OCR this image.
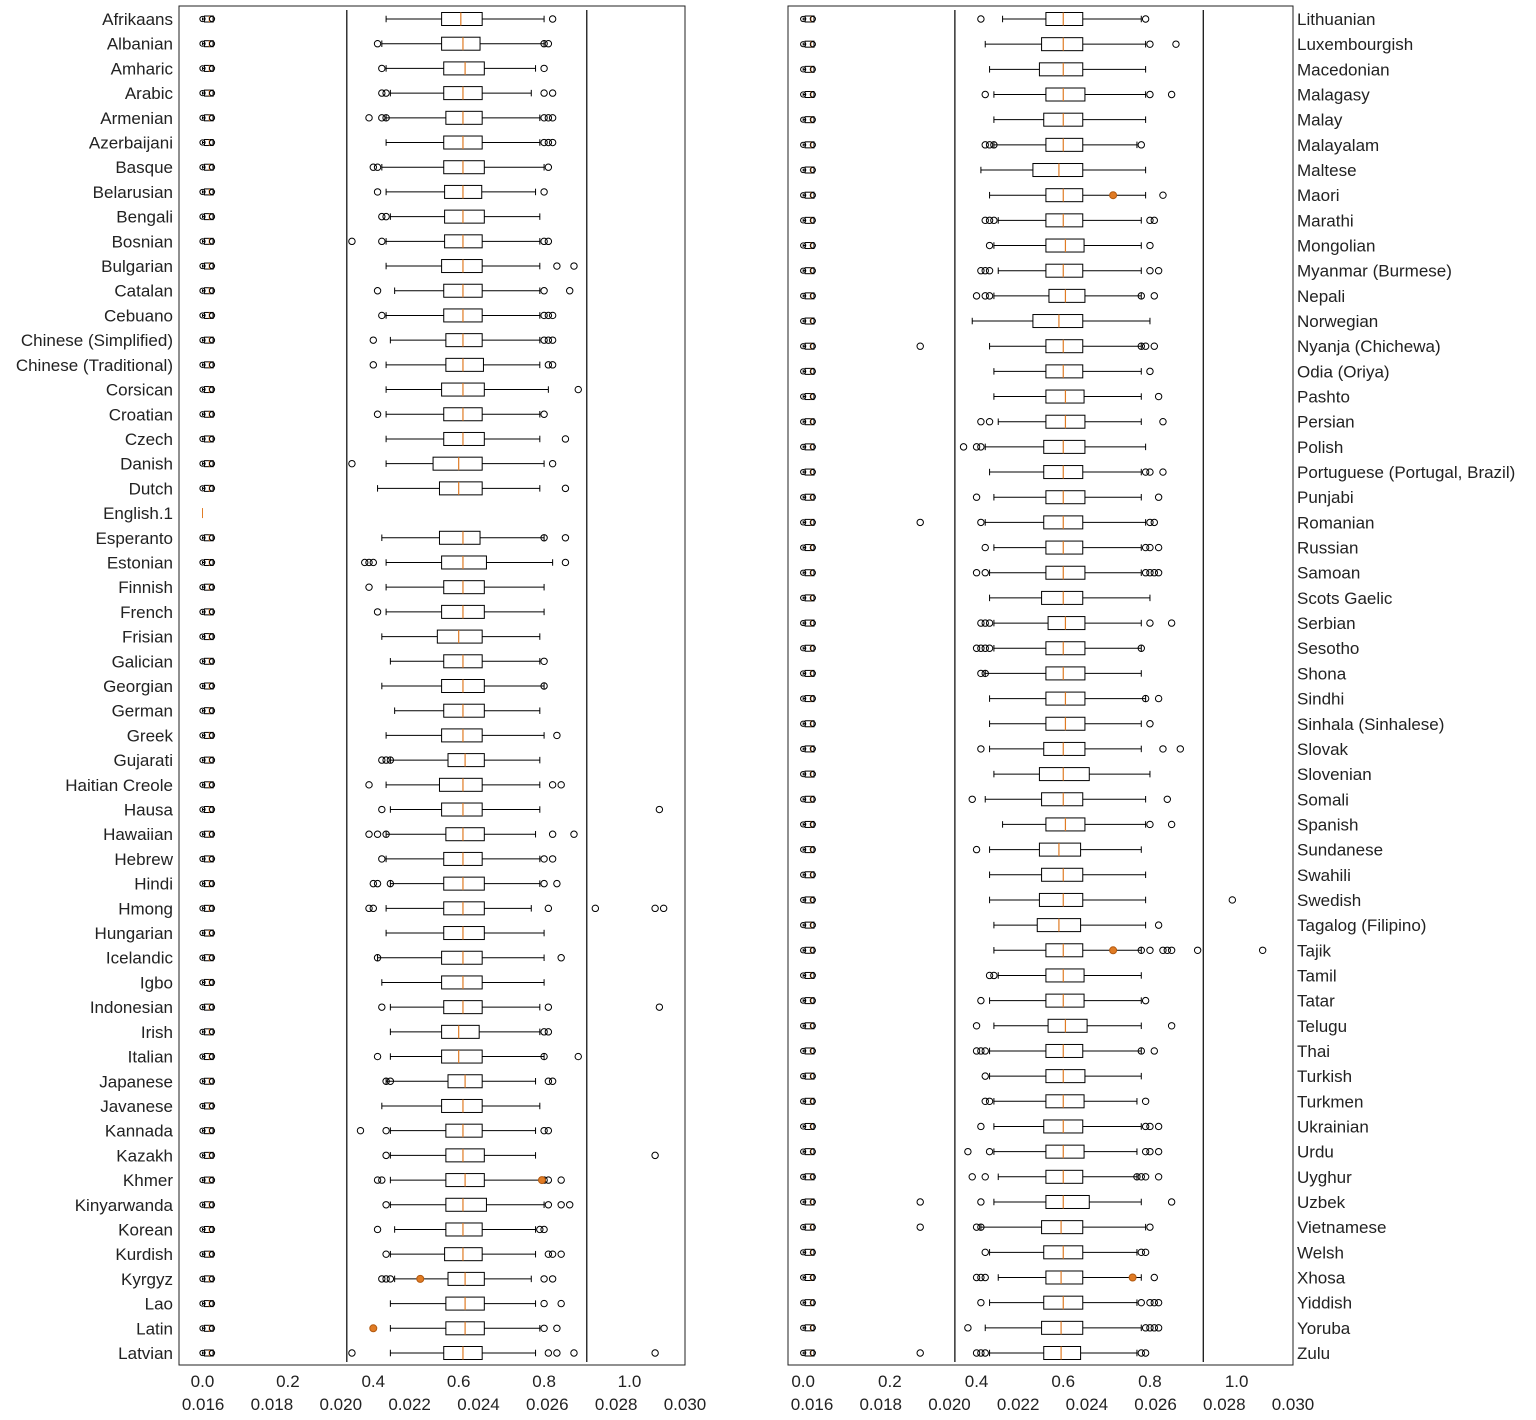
0.0	0.2	0.4	0.6	0.8	1.0
0.016 0.018 0.020 0.022 0.024 0.026 0.028 0.030
Afrikaans
Albanian
Amharic
Arabic
Armenian
Azerbaijani
Basque
Belarusian
Bengali
Bosnian
Bulgarian
Catalan
Cebuano
Chinese (Simplified)
Chinese (Traditional)
Corsican
Croatian
Czech
Danish
Dutch
English.1
Esperanto
Estonian
Finnish
French
Frisian
Galician
Georgian
German
Greek
Gujarati
Haitian Creole
Hausa
Hawaiian
Hebrew
Hindi
Hmong
Hungarian
Icelandic
Igbo
Indonesian
Irish
Italian
Japanese
Javanese
Kannada
Kazakh
Khmer
Kinyarwanda
Korean
Kurdish
Kyrgyz
Lao
Latin
Latvian
0.0	0.2	0.4	0.6	0.8	1.0
0.016 0.018 0.020 0.022 0.024 0.026 0.028 0.030
Lithuanian
Luxembourgish
Macedonian
Malagasy
Malay
Malayalam
Maltese
Maori
Marathi
Mongolian
Myanmar (Burmese)
Nepali
Norwegian
Nyanja (Chichewa)
Odia (Oriya)
Pashto
Persian
Polish
Portuguese (Portugal, Brazil)
Punjabi
Romanian
Russian
Samoan
Scots Gaelic
Serbian
Sesotho
Shona
Sindhi
Sinhala (Sinhalese)
Slovak
Slovenian
Somali
Spanish
Sundanese
Swahili
Swedish
Tagalog (Filipino)
Tajik
Tamil
Tatar
Telugu
Thai
Turkish
Turkmen
Ukrainian
Urdu
Uyghur
Uzbek
Vietnamese
Welsh
Xhosa
Yiddish
Yoruba
Zulu
